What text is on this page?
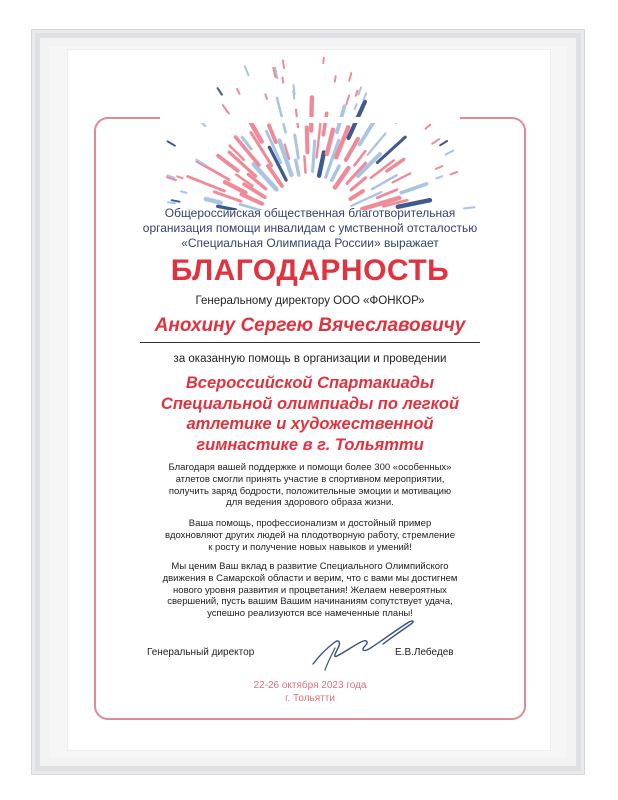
Общероссийская общественная благотворительная
организация помощи инвалидам с умственной отсталостью
«Специальная Олимпиада России» выражает
БЛАГОДАРНОСТЬ
Генеральному директору ООО «ФОНКОР»
Анохину Сергею Вячеславовичу
за оказанную помощь в организации и проведении
Всероссийской Спартакиады
Специальной олимпиады по легкой
атлетике и художественной
гимнастике в г. Тольятти
Благодаря вашей поддержке и помощи более 300 «особенных»
атлетов смогли принять участие в спортивном мероприятии,
получить заряд бодрости, положительные эмоции и мотивацию
для ведения здорового образа жизни.
Ваша помощь, профессионализм и достойный пример
вдохновляют других людей на плодотворную работу, стремление
к росту и получение новых навыков и умений!
Мы ценим Ваш вклад в развитие Специального Олимпийского
движения в Самарской области и верим, что с вами мы достигнем
нового уровня развития и процветания! Желаем невероятных
свершений, пусть вашим Вашим начинаниям сопутствует удача,
успешно реализуются все намеченные планы!
Генеральный директор	Е.В.Лебедев
22-26 октября 2023 года
г. Тольятти
